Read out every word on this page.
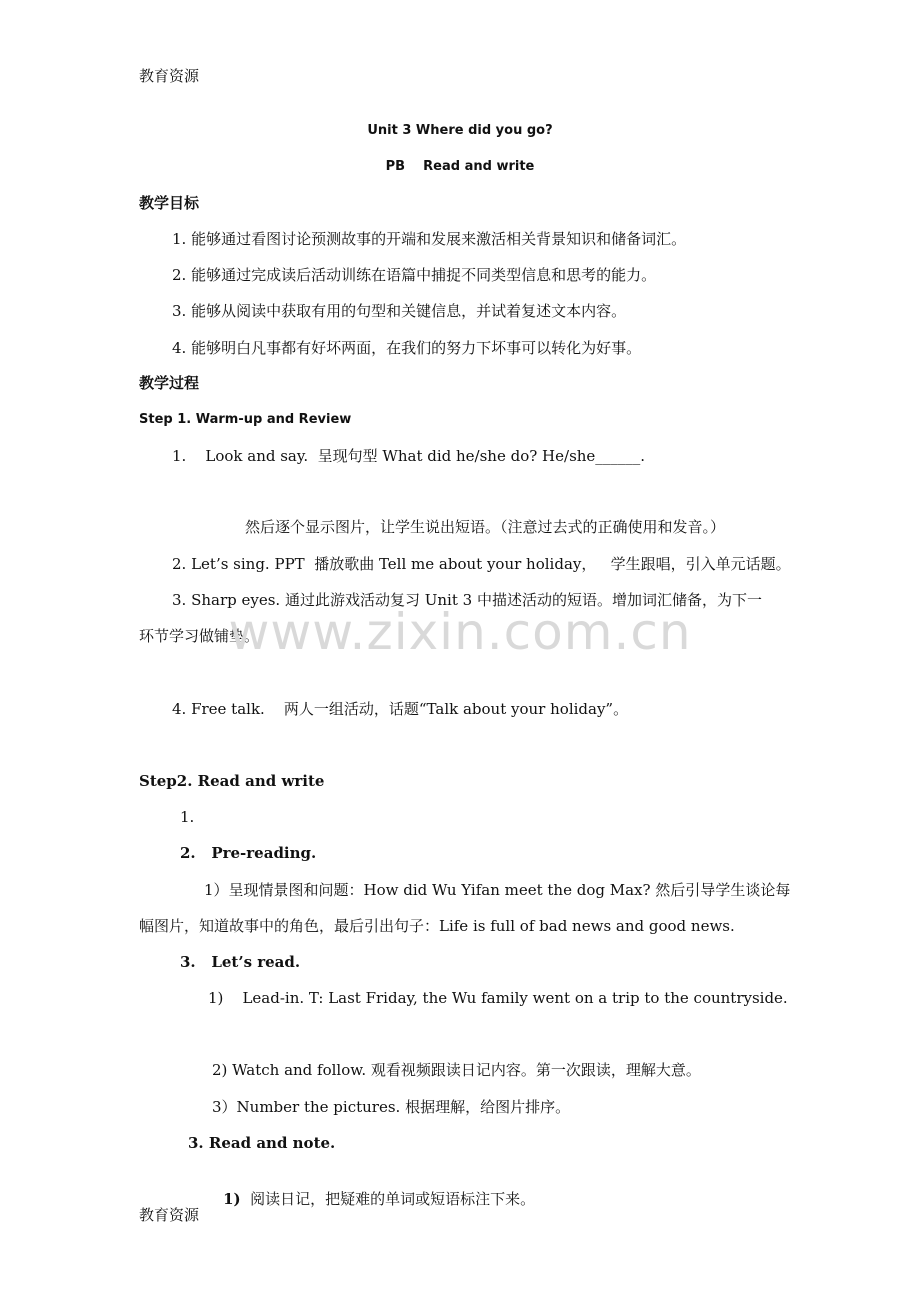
教育资源
Unit 3 Where did you go?
PB    Read and write
教学目标
1. 能够通过看图讨论预测故事的开端和发展来激活相关背景知识和储备词汇。
2. 能够通过完成读后活动训练在语篇中捕捉不同类型信息和思考的能力。
3. 能够从阅读中获取有用的句型和关键信息，并试着复述文本内容。
4. 能够明白凡事都有好坏两面，在我们的努力下坏事可以转化为好事。
教学过程
Step 1. Warm-up and Review
1.    Look and say.  呈现句型 What did he/she do? He/she______.
然后逐个显示图片，让学生说出短语。（注意过去式的正确使用和发音。）
2. Let’s sing. PPT  播放歌曲 Tell me about your holiday，   学生跟唱，引入单元话题。
3. Sharp eyes. 通过此游戏活动复习 Unit 3 中描述活动的短语。增加词汇储备，为下一
环节学习做铺垫。
www.zixin.com.cn
4. Free talk.    两人一组活动，话题“Talk about your holiday”。
Step2. Read and write
1.
2.   Pre-reading.
1）呈现情景图和问题：How did Wu Yifan meet the dog Max? 然后引导学生谈论每
幅图片，知道故事中的角色，最后引出句子：Life is full of bad news and good news.
3.   Let’s read.
1)    Lead-in. T: Last Friday, the Wu family went on a trip to the countryside.
2) Watch and follow. 观看视频跟读日记内容。第一次跟读，理解大意。
3）Number the pictures. 根据理解，给图片排序。
3. Read and note.

1)  阅读日记，把疑难的单词或短语标注下来。

教育资源
